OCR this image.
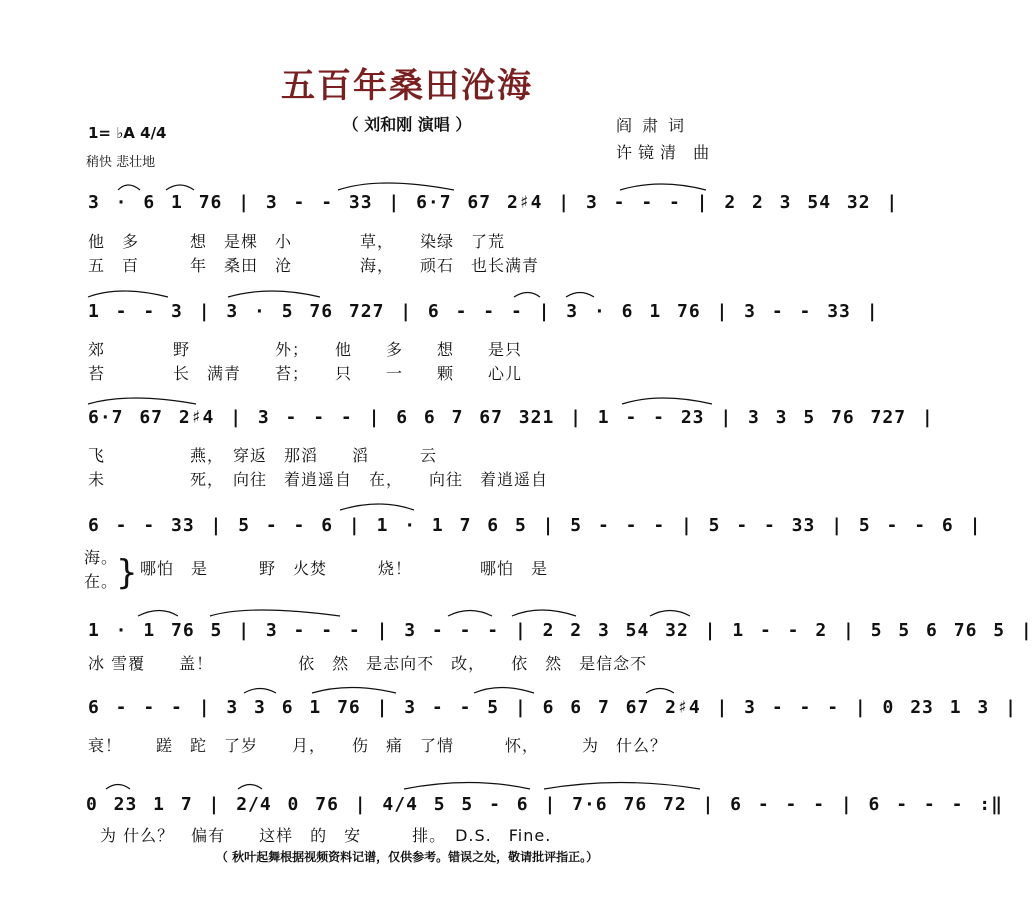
五百年桑田沧海
（ 刘和刚 演唱 ）
1= ♭A 4/4
稍快 悲壮地
阎肃词
许镜清 曲
3 · 6 1 76 | 3 - - 33 | 6·7 67 2♯4 | 3 - - - | 2 2 3 54 32 |
他　多　　　想　是棵　小　　　　草，　　染绿　了荒
五　百　　　年　桑田　沧　　　　海，　　顽石　也长满青
1 - - 3 | 3 · 5 76 727 | 6 - - - | 3 · 6 1 76 | 3 - - 33 |
郊　　　　野　　　　　外；　　他　　多　　想　　是只
苔　　　　长　满青　　苔；　　只　　一　　颗　　心儿
6·7 67 2♯4 | 3 - - - | 6 6 7 67 321 | 1 - - 23 | 3 3 5 76 727 |
飞　　　　　燕，　穿返　那滔　　滔　　　云
未　　　　　死，　向往　着逍遥自　在，　　向往　着逍遥自
6 - - 33 | 5 - - 6 | 1 · 1 7 6 5 | 5 - - - | 5 - - 33 | 5 - - 6 |
海。
在。
} 哪怕　是　　　野　火焚　　　烧！　　　　哪怕　是
1 · 1 76 5 | 3 - - - | 3 - - - | 2 2 3 54 32 | 1 - - 2 | 5 5 6 76 5 |
冰 雪覆　　盖！　　　　　依　然　是志向不　改，　　依　然　是信念不
6 - - - | 3 3 6 1 76 | 3 - - 5 | 6 6 7 67 2♯4 | 3 - - - | 0 23 1 3 |
衰！　　蹉　跎　了岁　　月，　　伤　痛　了情　　　怀，　　　为　什么？
0 23 1 7 | 2/4 0 76 | 4/4 5 5 - 6 | 7·6 76 72 | 6 - - - | 6 - - - :‖
为 什么？　偏有　　这样　的　安　　　排。　D.S.　Fine.
（ 秋叶起舞根据视频资料记谱，仅供参考。错误之处，敬请批评指正。）
